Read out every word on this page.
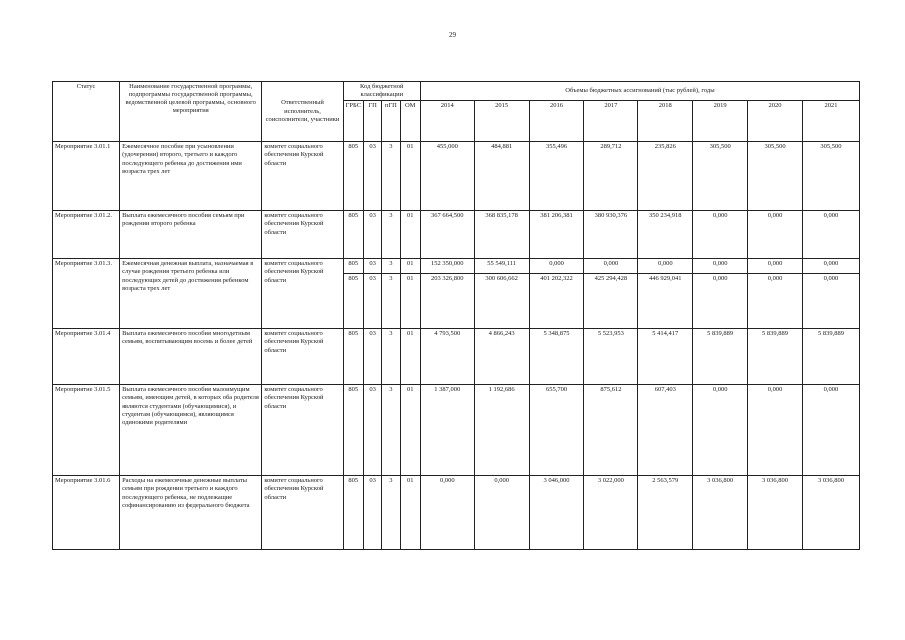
29
Статус	Наименование государственной программы, подпрограммы государственной программы, ведомственной целевой программы, основного мероприятия	Ответственный исполнитель, соисполнители, участники	Код бюджетной классификации				Объемы бюджетных ассигнований (тыс рублей), годы							
			ГРБС	ГП	пГП	ОМ	2014	2015	2016	2017	2018	2019	2020	2021
Мероприятие 3.01.1	Ежемесячное пособие при усыновлении (удочерении) второго, третьего и каждого последующего ребенка до достижения ими возраста трех лет	комитет социального обеспечения Курской области	805	03	3	01	455,000	484,881	355,496	289,712	235,826	305,500	305,500	305,500
Мероприятие 3.01.2.	Выплата ежемесячного пособия семьям при рождении второго ребенка	комитет социального обеспечения Курской области	805	03	3	01	367 664,500	368 835,178	381 206,381	380 930,376	350 234,918	0,000	0,000	0,000
Мероприятие 3.01.3.	Ежемесячная денежная выплата, назначаемая в случае рождения третьего ребенка или последующих детей до достижения ребенком возраста трех лет	комитет социального обеспечения Курской области	805	03	3	01	152 350,000	55 549,111	0,000	0,000	0,000	0,000	0,000	0,000
			805	03	3	01	203 326,800	300 606,662	401 202,322	425 294,428	446 929,041	0,000	0,000	0,000
Мероприятие 3.01.4	Выплата ежемесячного пособия многодетным семьям, воспитывающим восемь и более детей	комитет социального обеспечения Курской области	805	03	3	01	4 793,500	4 866,243	5 348,875	5 523,953	5 414,417	5 839,889	5 839,889	5 839,889
Мероприятие 3.01.5	Выплата ежемесячного пособия малоимущим семьям, имеющим детей, в которых оба родителя являются студентами (обучающимися), и студентам (обучающимся), являющимся одинокими родителями	комитет социального обеспечения Курской области	805	03	3	01	1 387,000	1 192,686	655,700	875,612	607,403	0,000	0,000	0,000
Мероприятие 3.01.6	Расходы на ежемесячные денежные выплаты семьям при рождении третьего и каждого последующего ребенка, не подлежащие софинансированию из федерального бюджета	комитет социального обеспечения Курской области	805	03	3	01	0,000	0,000	3 046,000	3 022,000	2 563,579	3 036,800	3 036,800	3 036,800
